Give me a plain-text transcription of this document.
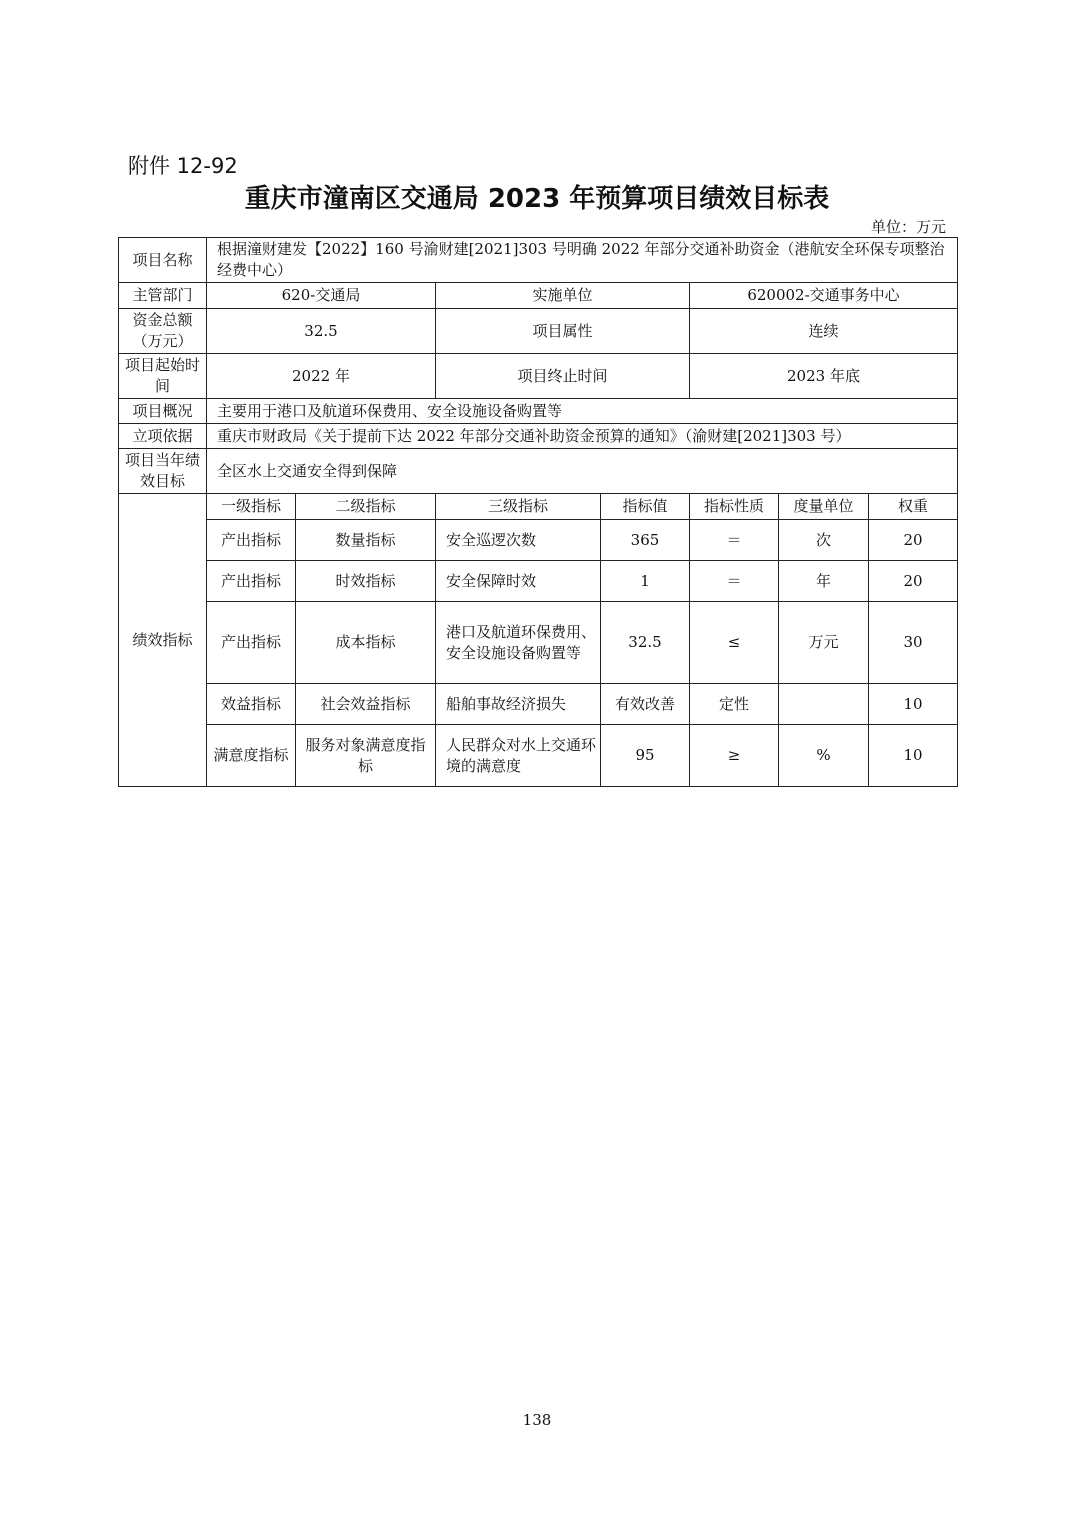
附件 12-92
重庆市潼南区交通局 2023 年预算项目绩效目标表
单位：万元
项目名称	根据潼财建发【2022】160 号渝财建[2021]303 号明确 2022 年部分交通补助资金（港航安全环保专项整治经费中心）						
主管部门	620-交通局		实施单位		620002-交通事务中心		
资金总额（万元）	32.5		项目属性		连续		
项目起始时间	2022 年		项目终止时间		2023 年底		
项目概况	主要用于港口及航道环保费用、安全设施设备购置等						
立项依据	重庆市财政局《关于提前下达 2022 年部分交通补助资金预算的通知》（渝财建[2021]303 号）						
项目当年绩效目标	全区水上交通安全得到保障						
绩效指标	一级指标	二级指标	三级指标	指标值	指标性质	度量单位	权重
	产出指标	数量指标	安全巡逻次数	365	＝	次	20
	产出指标	时效指标	安全保障时效	1	＝	年	20
	产出指标	成本指标	港口及航道环保费用、安全设施设备购置等	32.5	≤	万元	30
	效益指标	社会效益指标	船舶事故经济损失	有效改善	定性		10
	满意度指标	服务对象满意度指标	人民群众对水上交通环境的满意度	95	≥	%	10
138
